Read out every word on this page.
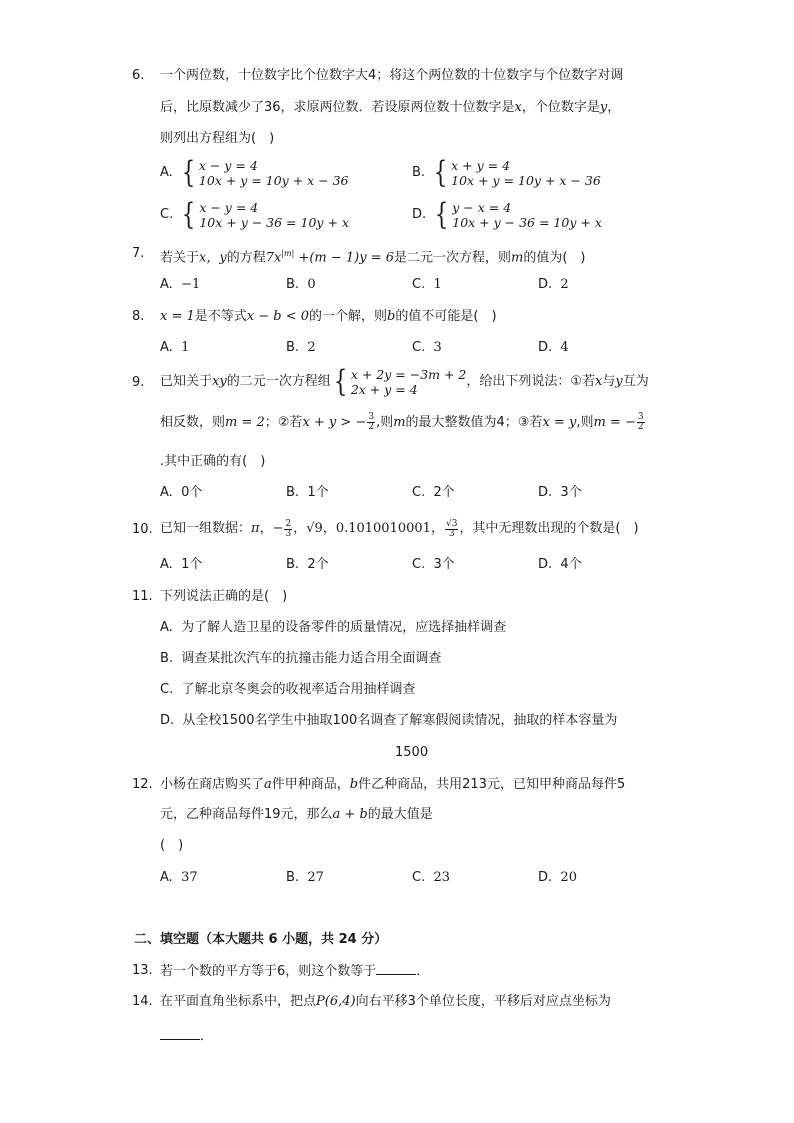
6.	一个两位数，十位数字比个位数字大4；将这个两位数的十位数字与个位数字对调
后，比原数减少了36，求原两位数．若设原两位数十位数字是x，个位数字是y，
则列出方程组为(　)
A. { x − y = 4
10x + y = 10y + x − 36
B. { x + y = 4
10x + y = 10y + x − 36
C. { x − y = 4
10x + y − 36 = 10y + x
D. { y − x = 4
10x + y − 36 = 10y + x
7.	若关于x，y的方程$7x^{|m|} +(m - 1)y = 6$是二元一次方程，则m的值为(　)
A. −1	B. 0	C. 1	D. 2
8.	x = 1是不等式x − b < 0的一个解，则b的值不可能是(　)
A. 1	B. 2	C. 3	D. 4
9.	已知关于 xy 的二元一次方程组 { x + 2y = −3m + 2
2x + y = 4
，给出下列说法：①若 x 与 y 互为
相反数，则 m = 2 ；②若 x + y > − $\frac{3}{2}$ ,则 m 的最大整数值为4；③若 x = y ,则 m = − $\frac{3}{2}$
.其中正确的有(　)
A. 0个	B. 1个	C. 2个	D. 3个
10. 已知一组数据： π ， − $\frac{2}{3}$ ， √9 ， 0.1010010001 ， $\frac{√3}{3}$ ，其中无理数出现的个数是(　)
A. 1个	B. 2个	C. 3个	D. 4个
11. 下列说法正确的是(　)
A. 为了解人造卫星的设备零件的质量情况，应选择抽样调查
B. 调查某批次汽车的抗撞击能力适合用全面调查
C. 了解北京冬奥会的收视率适合用抽样调查
D. 从全校1500名学生中抽取100名调查了解寒假阅读情况，抽取的样本容量为
1500
12. 小杨在商店购买了a件甲种商品，b件乙种商品，共用213元，已知甲种商品每件5
元，乙种商品每件19元，那么a + b的最大值是
(　)
A. 37	B. 27	C. 23	D. 20
二、填空题（本大题共 6 小题，共 24 分）
13. 若一个数的平方等于6，则这个数等于	．
14. 在平面直角坐标系中，把点P(6,4)向右平移3个单位长度，平移后对应点坐标为
．
